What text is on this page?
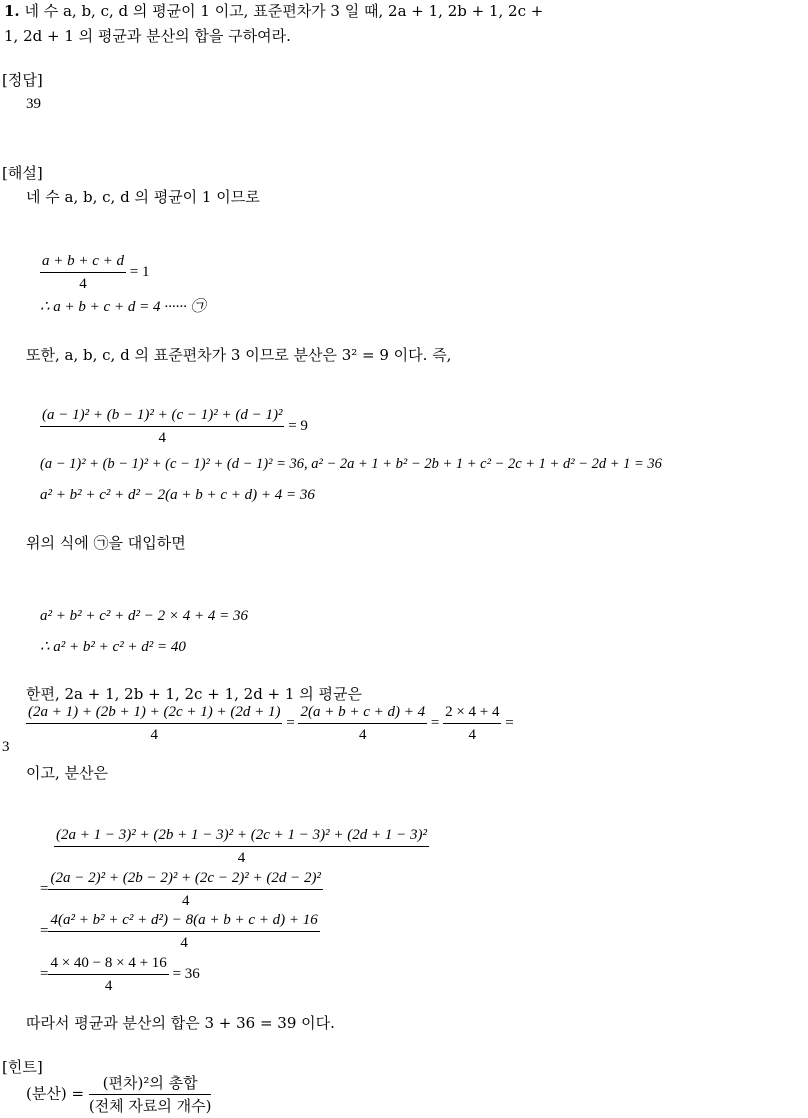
1. 네 수 a, b, c, d 의 평균이 1 이고, 표준편차가 3 일 때, 2a + 1, 2b + 1, 2c +
1, 2d + 1 의 평균과 분산의 합을 구하여라.
[정답]
39
[해설]
네 수 a, b, c, d 의 평균이 1 이므로
$\frac{a + b + c + d}{4} = 1$
∴ a + b + c + d = 4 ······ ㉠
또한, a, b, c, d 의 표준편차가 3 이므로 분산은 3² = 9 이다. 즉,
$\frac{\text{(a − 1)² + (b − 1)² + (c − 1)² + (d − 1)²}}{4} = 9$
(a − 1)² + (b − 1)² + (c − 1)² + (d − 1)² = 36, a² − 2a + 1 + b² − 2b + 1 + c² − 2c + 1 + d² − 2d + 1 = 36
a² + b² + c² + d² − 2(a + b + c + d) + 4 = 36
위의 식에 ㉠을 대입하면
a² + b² + c² + d² − 2 × 4 + 4 = 36
∴ a² + b² + c² + d² = 40
한편, 2a + 1, 2b + 1, 2c + 1, 2d + 1 의 평균은
$\frac{(2a + 1) + (2b + 1) + (2c + 1) + (2d + 1)}{4} = \frac{2(a + b + c + d) + 4}{4} = \frac{2 \times 4 + 4}{4}$ =
3
이고, 분산은
(2a + 1 − 3)² + (2b + 1 − 3)² + (2c + 1 − 3)² + (2d + 1 − 3)²
4
= $\frac{\text{(2a − 2)² + (2b − 2)² + (2c − 2)² + (2d − 2)²}}{4}$
= $\frac{\text{4(a² + b² + c² + d²) − 8(a + b + c + d) + 16}}{4}$
= $\frac{4 \times 40 - 8 \times 4 + 16}{4} = 36$
따라서 평균과 분산의 합은 3 + 36 = 39 이다.
[힌트]
(분산) = $\frac{\text{(편차)²의 총합}}{\text{(전체 자료의 개수)}}$
